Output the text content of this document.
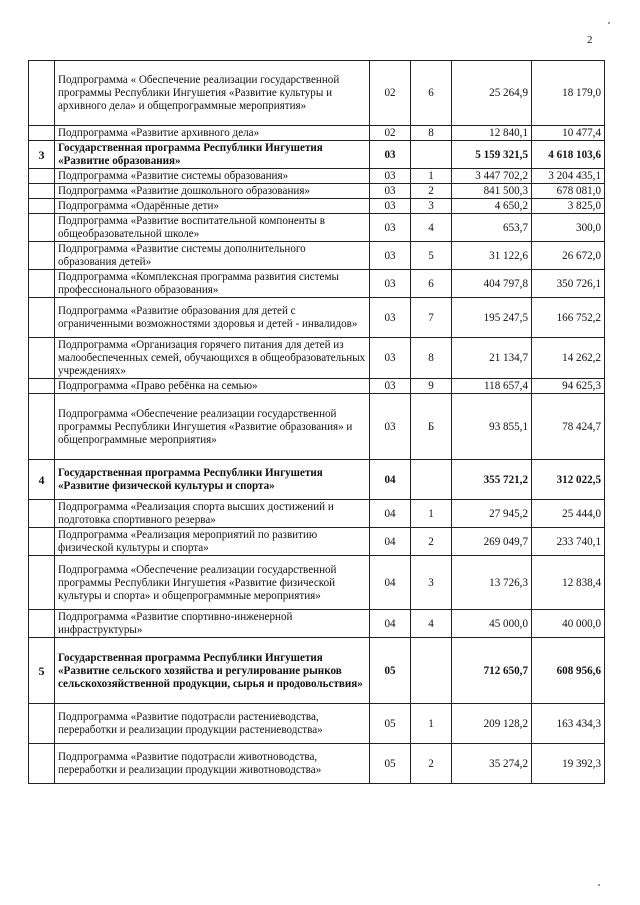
2
	Подпрограмма « Обеспечение реализации государственной программы Республики Ингушетия «Развитие культуры и архивного дела» и общепрограммные мероприятия»	02	6	25 264,9	18 179,0
	Подпрограмма «Развитие архивного дела»	02	8	12 840,1	10 477,4
3	Государственная программа Республики Ингушетия «Развитие образования»	03		5 159 321,5	4 618 103,6
	Подпрограмма «Развитие системы образования»	03	1	3 447 702,2	3 204 435,1
	Подпрограмма «Развитие дошкольного образования»	03	2	841 500,3	678 081,0
	Подпрограмма «Одарённые дети»	03	3	4 650,2	3 825,0
	Подпрограмма «Развитие воспитательной компоненты в общеобразовательной школе»	03	4	653,7	300,0
	Подпрограмма «Развитие системы дополнительного образования детей»	03	5	31 122,6	26 672,0
	Подпрограмма «Комплексная программа развития системы профессионального образования»	03	6	404 797,8	350 726,1
	Подпрограмма «Развитие образования для детей с ограниченными возможностями здоровья и детей - инвалидов»	03	7	195 247,5	166 752,2
	Подпрограмма «Организация горячего питания для детей из малообеспеченных семей, обучающихся в общеобразовательных учреждениях»	03	8	21 134,7	14 262,2
	Подпрограмма «Право ребёнка на семью»	03	9	118 657,4	94 625,3
	Подпрограмма «Обеспечение реализации государственной программы Республики Ингушетия «Развитие образования» и общепрограммные мероприятия»	03	Б	93 855,1	78 424,7
4	Государственная программа Республики Ингушетия «Развитие физической культуры и спорта»	04		355 721,2	312 022,5
	Подпрограмма «Реализация спорта высших достижений и подготовка спортивного резерва»	04	1	27 945,2	25 444,0
	Подпрограмма «Реализация мероприятий по развитию физической культуры и спорта»	04	2	269 049,7	233 740,1
	Подпрограмма «Обеспечение реализации государственной программы Республики Ингушетия «Развитие физической культуры и спорта» и общепрограммные мероприятия»	04	3	13 726,3	12 838,4
	Подпрограмма «Развитие спортивно-инженерной инфраструктуры»	04	4	45 000,0	40 000,0
5	Государственная программа Республики Ингушетия «Развитие сельского хозяйства и регулирование рынков сельскохозяйственной продукции, сырья и продовольствия»	05		712 650,7	608 956,6
	Подпрограмма «Развитие подотрасли растениеводства, переработки и реализации продукции растениеводства»	05	1	209 128,2	163 434,3
	Подпрограмма «Развитие подотрасли животноводства, переработки и реализации продукции животноводства»	05	2	35 274,2	19 392,3
